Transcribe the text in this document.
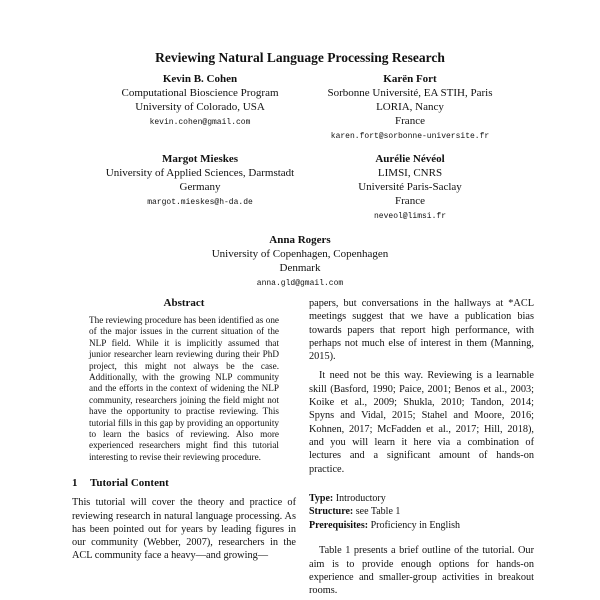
Reviewing Natural Language Processing Research
Kevin B. Cohen
Computational Bioscience Program
University of Colorado, USA
kevin.cohen@gmail.com
Karën Fort
Sorbonne Université, EA STIH, Paris
LORIA, Nancy
France
karen.fort@sorbonne-universite.fr
Margot Mieskes
University of Applied Sciences, Darmstadt
Germany
margot.mieskes@h-da.de
Aurélie Névéol
LIMSI, CNRS
Université Paris-Saclay
France
neveol@limsi.fr
Anna Rogers
University of Copenhagen, Copenhagen
Denmark
anna.gld@gmail.com
Abstract

The reviewing procedure has been identified as one of the major issues in the current situation of the NLP field. While it is implicitly assumed that junior researcher learn reviewing during their PhD project, this might not always be the case. Additionally, with the growing NLP community and the efforts in the context of widening the NLP community, researchers joining the field might not have the opportunity to practise reviewing. This tutorial fills in this gap by providing an opportunity to learn the basics of reviewing. Also more experienced researchers might find this tutorial interesting to revise their reviewing procedure.

1 Tutorial Content

This tutorial will cover the theory and practice of reviewing research in natural language processing. As has been pointed out for years by leading figures in our community (Webber, 2007), researchers in the ACL community face a heavy—and growing—

papers, but conversations in the hallways at *ACL meetings suggest that we have a publication bias towards papers that report high performance, with perhaps not much else of interest in them (Manning, 2015).

It need not be this way. Reviewing is a learnable skill (Basford, 1990; Paice, 2001; Benos et al., 2003; Koike et al., 2009; Shukla, 2010; Tandon, 2014; Spyns and Vidal, 2015; Stahel and Moore, 2016; Kohnen, 2017; McFadden et al., 2017; Hill, 2018), and you will learn it here via a combination of lectures and a significant amount of hands-on practice.

Type: Introductory

Structure: see Table 1

Prerequisites: Proficiency in English

Table 1 presents a brief outline of the tutorial. Our aim is to provide enough options for hands-on experience and smaller-group activities in breakout rooms.
